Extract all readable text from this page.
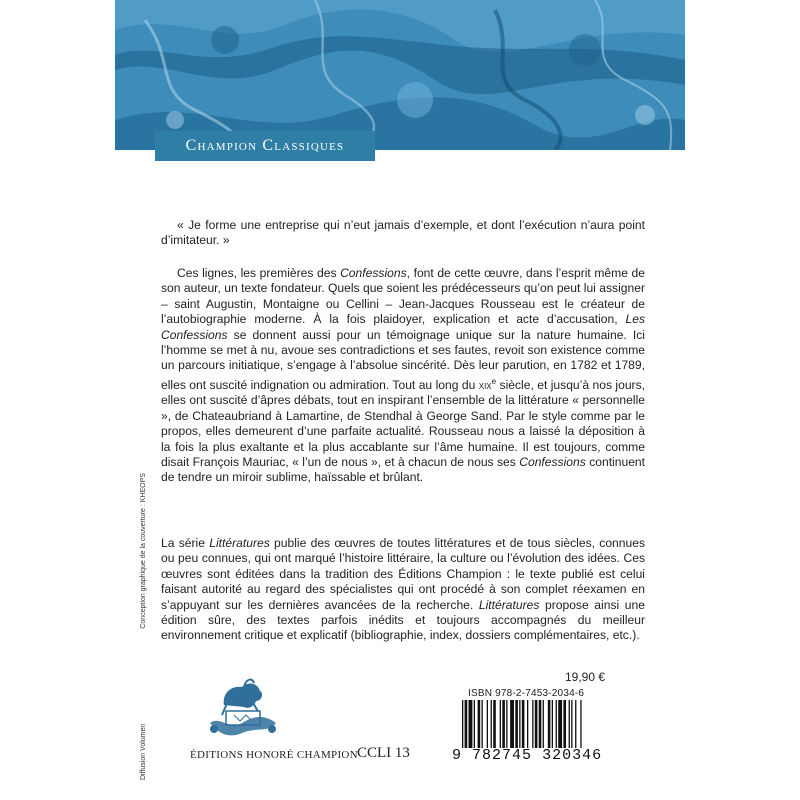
Champion Classiques
Diffusion VolumenConception graphique de la couverture : KHEOPS

« Je forme une entreprise qui n’eut jamais d’exemple, et dont l’exécution n’aura point d’imitateur. »

Ces lignes, les premières des Confessions, font de cette œuvre, dans l’esprit même de son auteur, un texte fondateur. Quels que soient les prédécesseurs qu’on peut lui assigner – saint Augustin, Montaigne ou Cellini – Jean-Jacques Rousseau est le créateur de l’autobiographie moderne. À la fois plaidoyer, explication et acte d’accusation, Les Confessions se donnent aussi pour un témoignage unique sur la nature humaine. Ici l’homme se met à nu, avoue ses contradictions et ses fautes, revoit son existence comme un parcours initiatique, s’engage à l’absolue sincérité. Dès leur parution, en 1782 et 1789, elles ont suscité indignation ou admiration. Tout au long du xix$^e$ siècle, et jusqu’à nos jours, elles ont suscité d’âpres débats, tout en inspirant l’ensemble de la littérature « personnelle », de Chateaubriand à Lamartine, de Stendhal à George Sand. Par le style comme par le propos, elles demeurent d’une parfaite actualité. Rousseau nous a laissé la déposition à la fois la plus exaltante et la plus accablante sur l’âme humaine. Il est toujours, comme disait François Mauriac, « l’un de nous », et à chacun de nous ses Confessions continuent de tendre un miroir sublime, haïssable et brûlant.

La série Littératures publie des œuvres de toutes littératures et de tous siècles, connues ou peu connues, qui ont marqué l’histoire littéraire, la culture ou l’évolution des idées. Ces œuvres sont éditées dans la tradition des Éditions Champion : le texte publié est celui faisant autorité au regard des spécialistes qui ont procédé à son complet réexamen en s’appuyant sur les dernières avancées de la recherche. Littératures propose ainsi une édition sûre, des textes parfois inédits et toujours accompagnés du meilleur environnement critique et explicatif (bibliographie, index, dossiers complémentaires, etc.).

ÉDITIONS HONORÉ CHAMPION CCLI 13
19,90 €
ISBN 978-2-7453-2034-6
9 782745 320346
